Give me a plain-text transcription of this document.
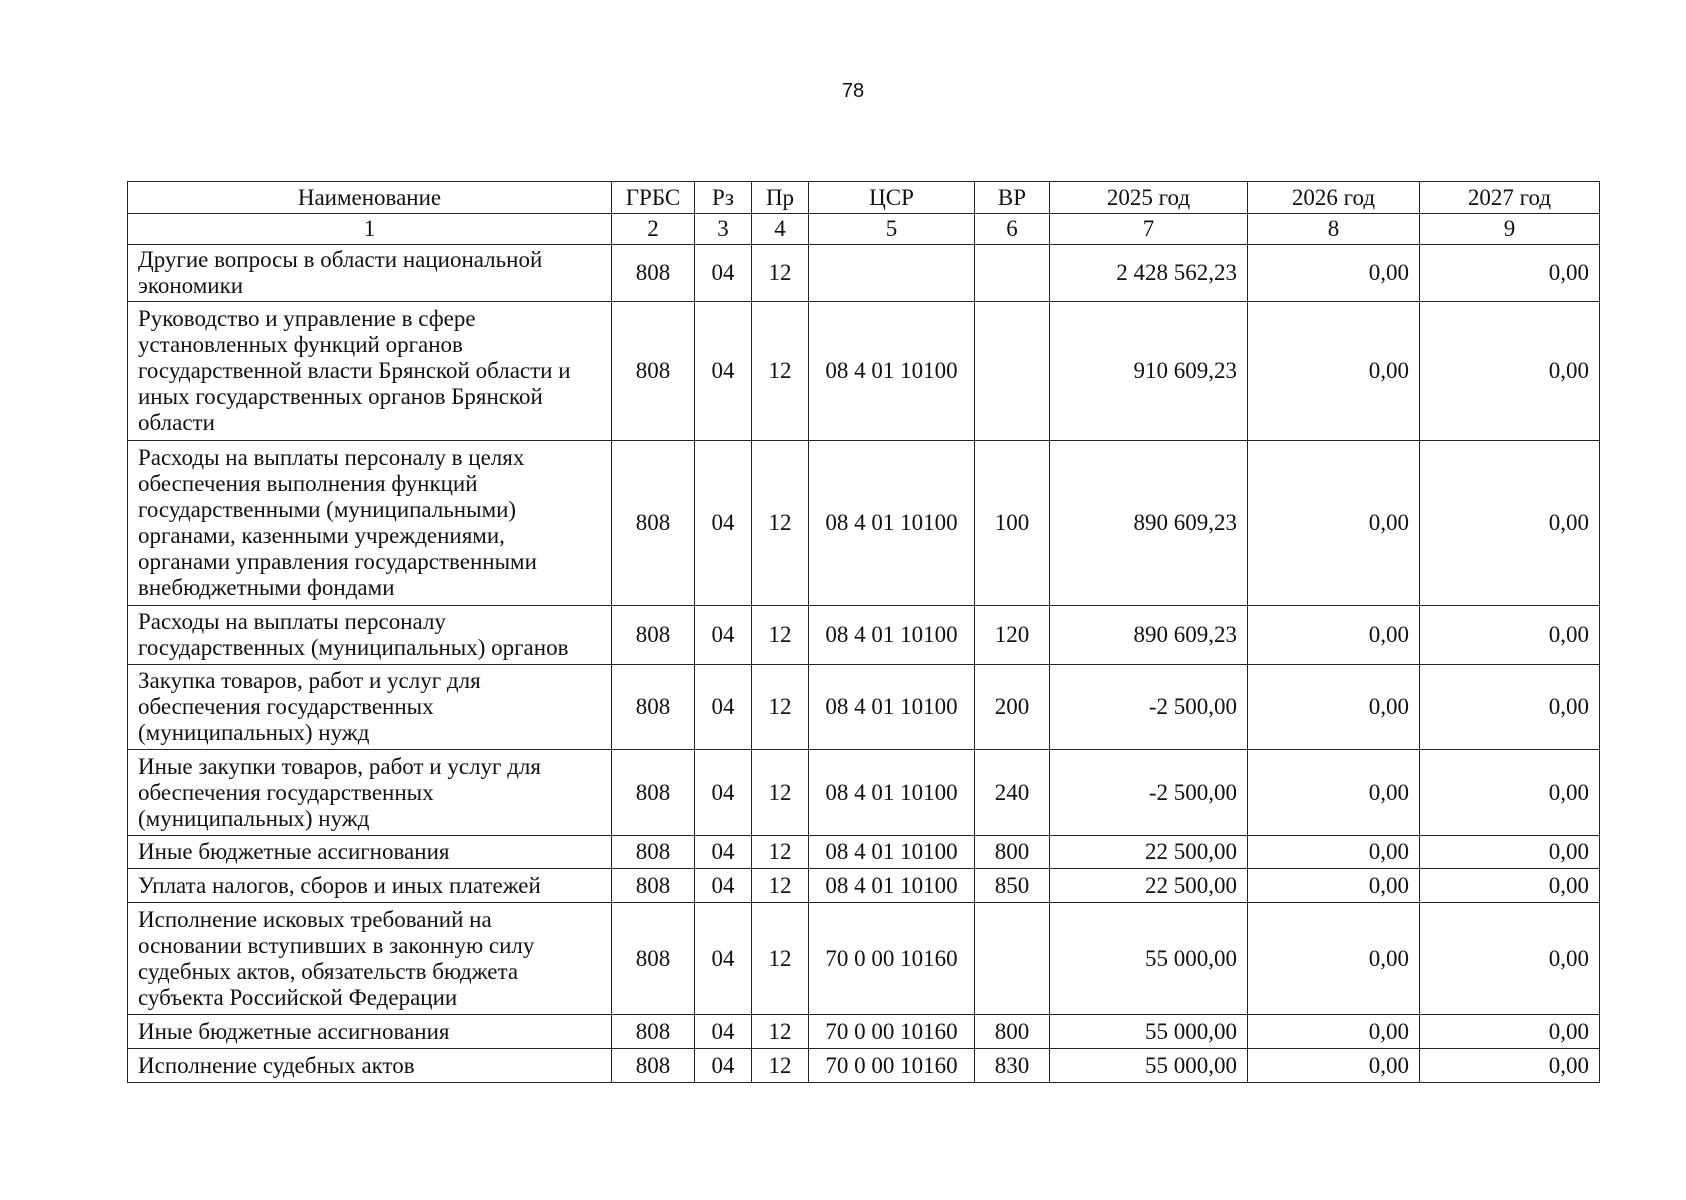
78
Наименование	ГРБС	Рз	Пр	ЦСР	ВР	2025 год	2026 год	2027 год
1	2	3	4	5	6	7	8	9
Другие вопросы в области национальной экономики	808	04	12			2 428 562,23	0,00	0,00
Руководство и управление в сфере установленных функций органов государственной власти Брянской области и иных государственных органов Брянской области	808	04	12	08 4 01 10100		910 609,23	0,00	0,00
Расходы на выплаты персоналу в целях обеспечения выполнения функций государственными (муниципальными) органами, казенными учреждениями, органами управления государственными внебюджетными фондами	808	04	12	08 4 01 10100	100	890 609,23	0,00	0,00
Расходы на выплаты персоналу государственных (муниципальных) органов	808	04	12	08 4 01 10100	120	890 609,23	0,00	0,00
Закупка товаров, работ и услуг для обеспечения государственных (муниципальных) нужд	808	04	12	08 4 01 10100	200	-2 500,00	0,00	0,00
Иные закупки товаров, работ и услуг для обеспечения государственных (муниципальных) нужд	808	04	12	08 4 01 10100	240	-2 500,00	0,00	0,00
Иные бюджетные ассигнования	808	04	12	08 4 01 10100	800	22 500,00	0,00	0,00
Уплата налогов, сборов и иных платежей	808	04	12	08 4 01 10100	850	22 500,00	0,00	0,00
Исполнение исковых требований на основании вступивших в законную силу судебных актов, обязательств бюджета субъекта Российской Федерации	808	04	12	70 0 00 10160		55 000,00	0,00	0,00
Иные бюджетные ассигнования	808	04	12	70 0 00 10160	800	55 000,00	0,00	0,00
Исполнение судебных актов	808	04	12	70 0 00 10160	830	55 000,00	0,00	0,00
